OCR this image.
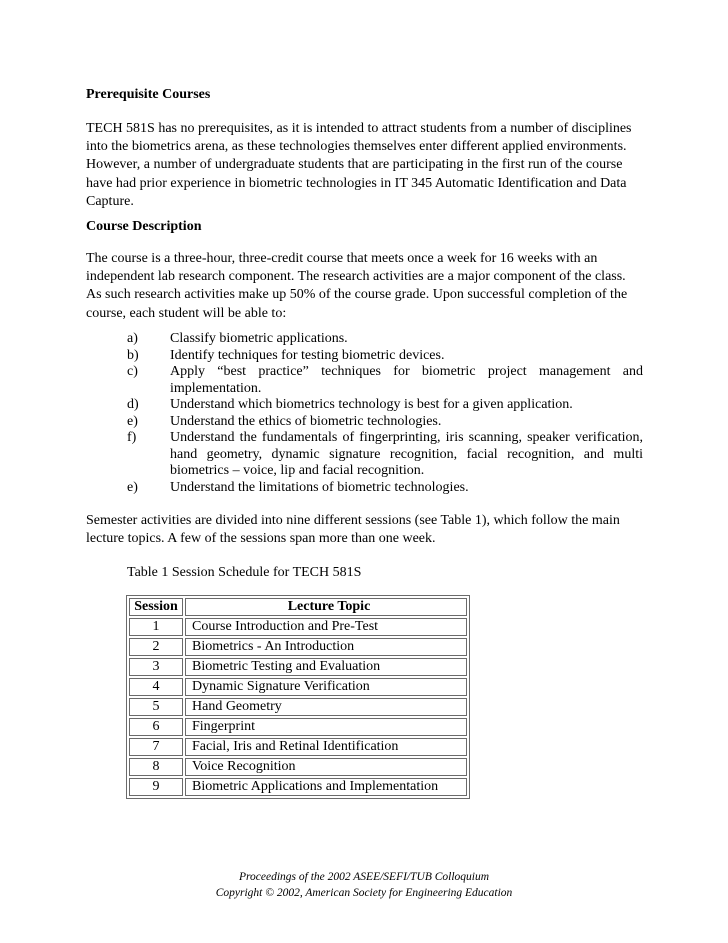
Prerequisite Courses
TECH 581S has no prerequisites, as it is intended to attract students from a number of disciplines into the biometrics arena, as these technologies themselves enter different applied environments. However, a number of undergraduate students that are participating in the first run of the course have had prior experience in biometric technologies in IT 345 Automatic Identification and Data Capture.
Course Description
The course is a three-hour, three-credit course that meets once a week for 16 weeks with an independent lab research component. The research activities are a major component of the class. As such research activities make up 50% of the course grade. Upon successful completion of the course, each student will be able to:
a)	Classify biometric applications.
b)	Identify techniques for testing biometric devices.
c)	Apply “best practice” techniques for biometric project management and implementation.
d)	Understand which biometrics technology is best for a given application.
e)	Understand the ethics of biometric technologies.
f)	Understand the fundamentals of fingerprinting, iris scanning, speaker verification, hand geometry, dynamic signature recognition, facial recognition, and multi biometrics – voice, lip and facial recognition.
e)	Understand the limitations of biometric technologies.
Semester activities are divided into nine different sessions (see Table 1), which follow the main lecture topics. A few of the sessions span more than one week.
Table 1 Session Schedule for TECH 581S
Session	Lecture Topic
1	Course Introduction and Pre-Test
2	Biometrics - An Introduction
3	Biometric Testing and Evaluation
4	Dynamic Signature Verification
5	Hand Geometry
6	Fingerprint
7	Facial, Iris and Retinal Identification
8	Voice Recognition
9	Biometric Applications and Implementation
Proceedings of the 2002 ASEE/SEFI/TUB Colloquium
Copyright © 2002, American Society for Engineering Education
